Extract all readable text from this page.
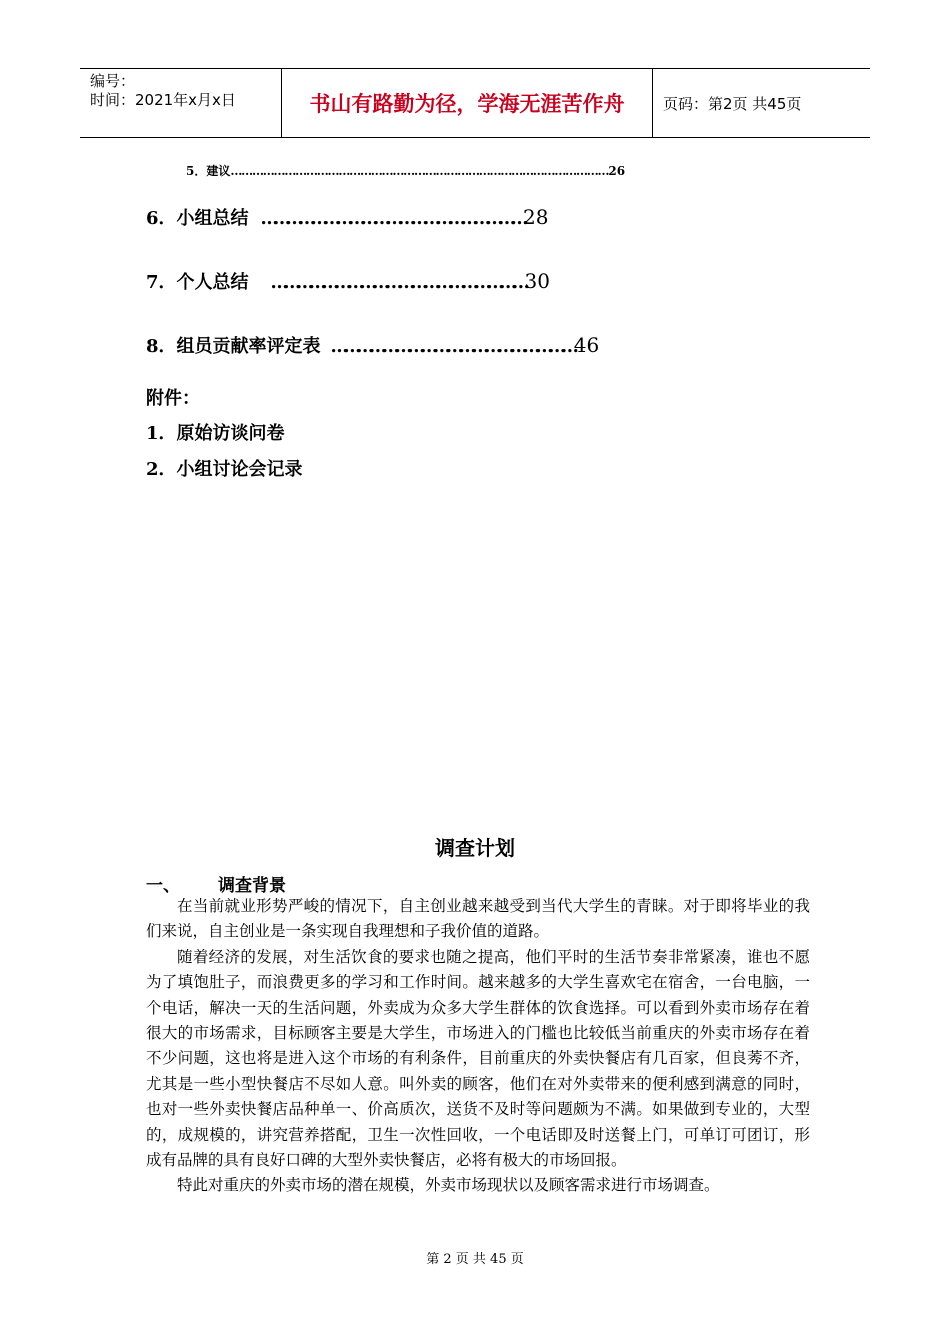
编号：
时间：2021年x月x日	书山有路勤为径，学海无涯苦作舟	页码：第2页 共45页
5．建议……………………………………………………………………………………………26
6．小组总结 ………………………………………………………28
7．个人总结 ……………………………………………………30
8．组员贡献率评定表 …………………………………………………46
附件：
1．原始访谈问卷
2．小组讨论会记录
调查计划
一、 调查背景

在当前就业形势严峻的情况下，自主创业越来越受到当代大学生的青睐。对于即将毕业的我们来说，自主创业是一条实现自我理想和子我价值的道路。

随着经济的发展，对生活饮食的要求也随之提高，他们平时的生活节奏非常紧凑，谁也不愿为了填饱肚子，而浪费更多的学习和工作时间。越来越多的大学生喜欢宅在宿舍，一台电脑，一个电话，解决一天的生活问题，外卖成为众多大学生群体的饮食选择。可以看到外卖市场存在着很大的市场需求，目标顾客主要是大学生，市场进入的门槛也比较低当前重庆的外卖市场存在着不少问题，这也将是进入这个市场的有利条件，目前重庆的外卖快餐店有几百家，但良莠不齐，尤其是一些小型快餐店不尽如人意。叫外卖的顾客，他们在对外卖带来的便利感到满意的同时，也对一些外卖快餐店品种单一、价高质次，送货不及时等问题颇为不满。如果做到专业的，大型的，成规模的，讲究营养搭配，卫生一次性回收，一个电话即及时送餐上门，可单订可团订，形成有品牌的具有良好口碑的大型外卖快餐店，必将有极大的市场回报。

特此对重庆的外卖市场的潜在规模，外卖市场现状以及顾客需求进行市场调查。

第 2 页 共 45 页
